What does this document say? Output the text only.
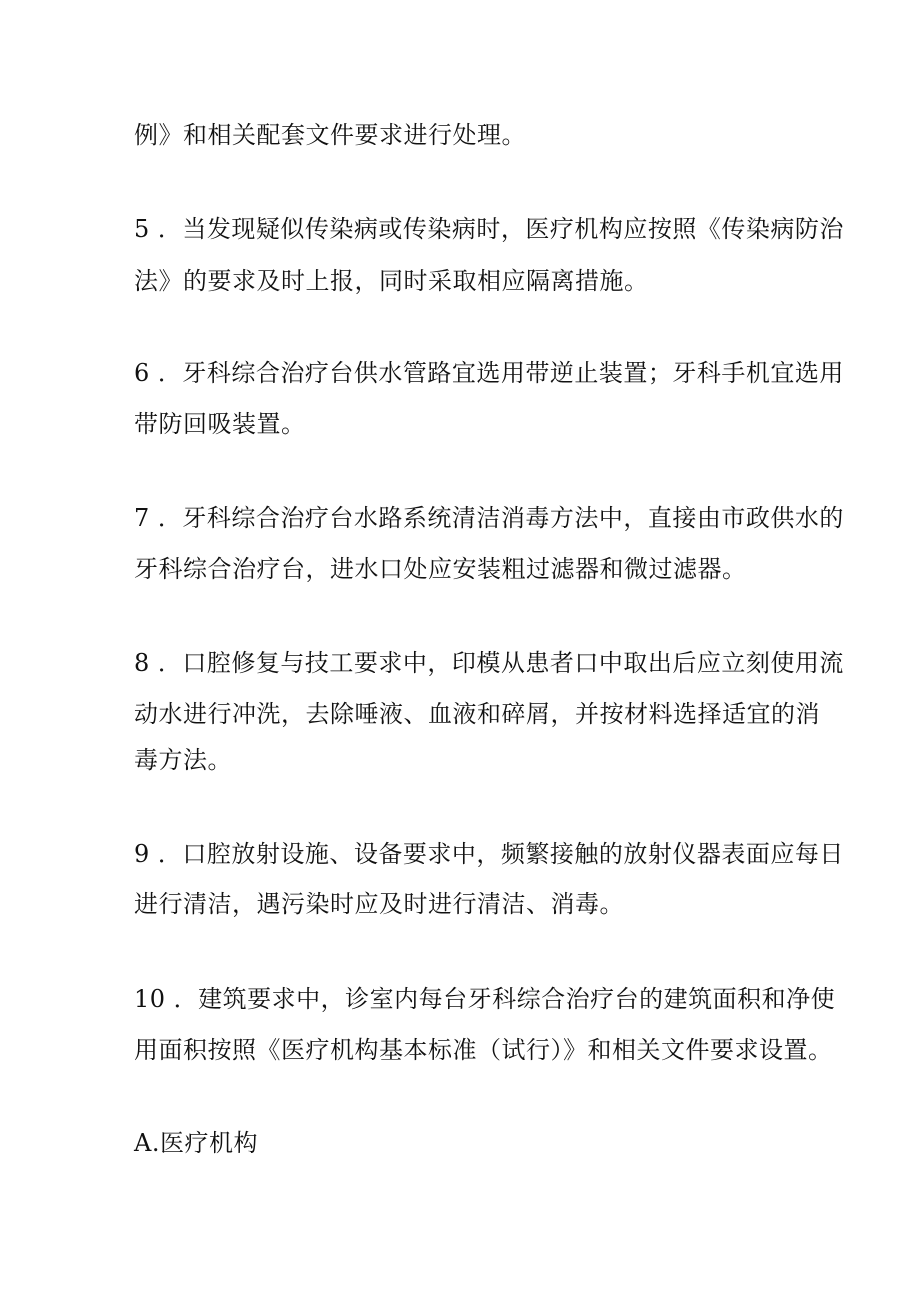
例》和相关配套文件要求进行处理。
5 ．当发现疑似传染病或传染病时，医疗机构应按照《传染病防治
法》的要求及时上报，同时采取相应隔离措施。
6 ．牙科综合治疗台供水管路宜选用带逆止装置；牙科手机宜选用
带防回吸装置。
7 ．牙科综合治疗台水路系统清洁消毒方法中，直接由市政供水的
牙科综合治疗台，进水口处应安装粗过滤器和微过滤器。
8 ．口腔修复与技工要求中，印模从患者口中取出后应立刻使用流
动水进行冲洗，去除唾液、血液和碎屑，并按材料选择适宜的消
毒方法。
9 ．口腔放射设施、设备要求中，频繁接触的放射仪器表面应每日
进行清洁，遇污染时应及时进行清洁、消毒。
10 ．建筑要求中，诊室内每台牙科综合治疗台的建筑面积和净使
用面积按照《医疗机构基本标准（试行）》和相关文件要求设置。
A.医疗机构
